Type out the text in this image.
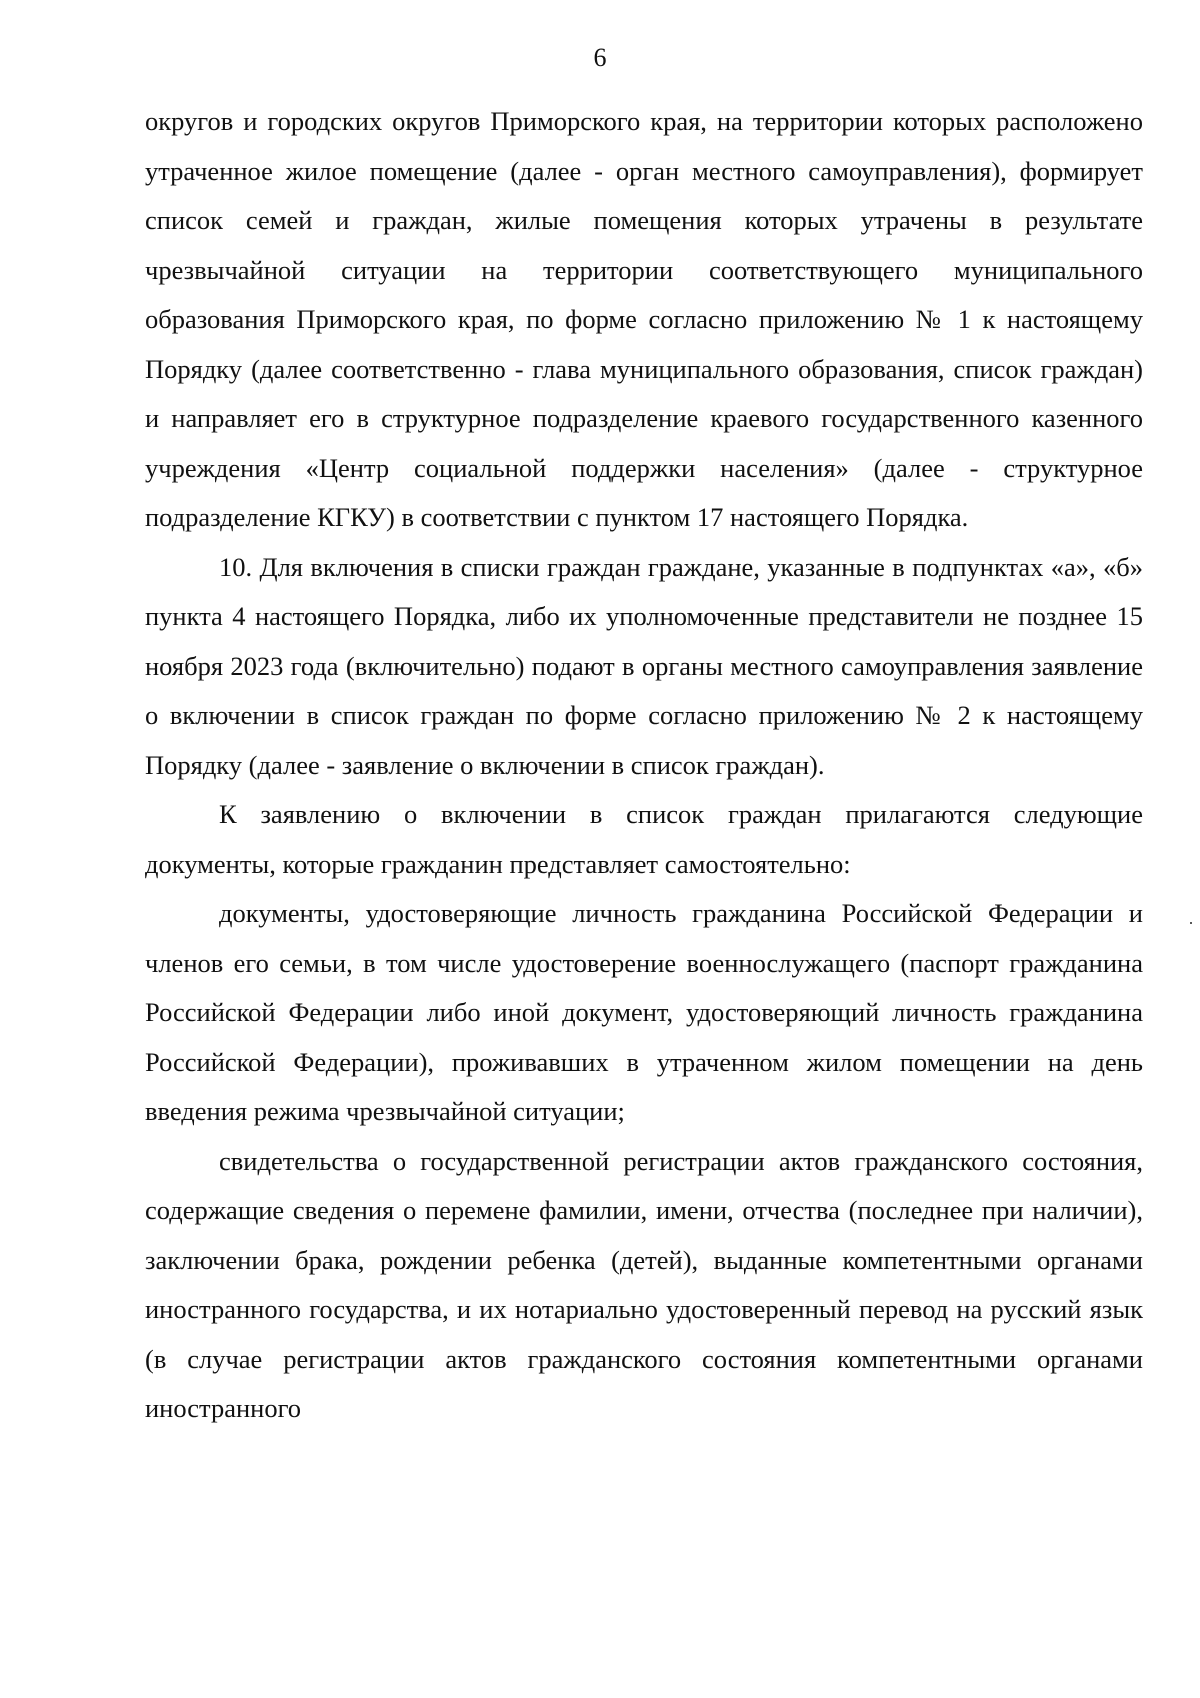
6

округов и городских округов Приморского края, на территории которых расположено утраченное жилое помещение (далее - орган местного самоуправления), формирует список семей и граждан, жилые помещения которых утрачены в результате чрезвычайной ситуации на территории соответствующего муниципального образования Приморского края, по форме согласно приложению № 1 к настоящему Порядку (далее соответственно - глава муниципального образования, список граждан) и направляет его в структурное подразделение краевого государственного казенного учреждения «Центр социальной поддержки населения» (далее - структурное подразделение КГКУ) в соответствии с пунктом 17 настоящего Порядка.

10. Для включения в списки граждан граждане, указанные в подпунктах «а», «б» пункта 4 настоящего Порядка, либо их уполномоченные представители не позднее 15 ноября 2023 года (включительно) подают в органы местного самоуправления заявление о включении в список граждан по форме согласно приложению № 2 к настоящему Порядку (далее - заявление о включении в список граждан).

К заявлению о включении в список граждан прилагаются следующие документы, которые гражданин представляет самостоятельно:

документы, удостоверяющие личность гражданина Российской Федерации и членов его семьи, в том числе удостоверение военнослужащего (паспорт гражданина Российской Федерации либо иной документ, удостоверяющий личность гражданина Российской Федерации), проживавших в утраченном жилом помещении на день введения режима чрезвычайной ситуации;

свидетельства о государственной регистрации актов гражданского состояния, содержащие сведения о перемене фамилии, имени, отчества (последнее при наличии), заключении брака, рождении ребенка (детей), выданные компетентными органами иностранного государства, и их нотариально удостоверенный перевод на русский язык (в случае регистрации актов гражданского состояния компетентными органами иностранного
